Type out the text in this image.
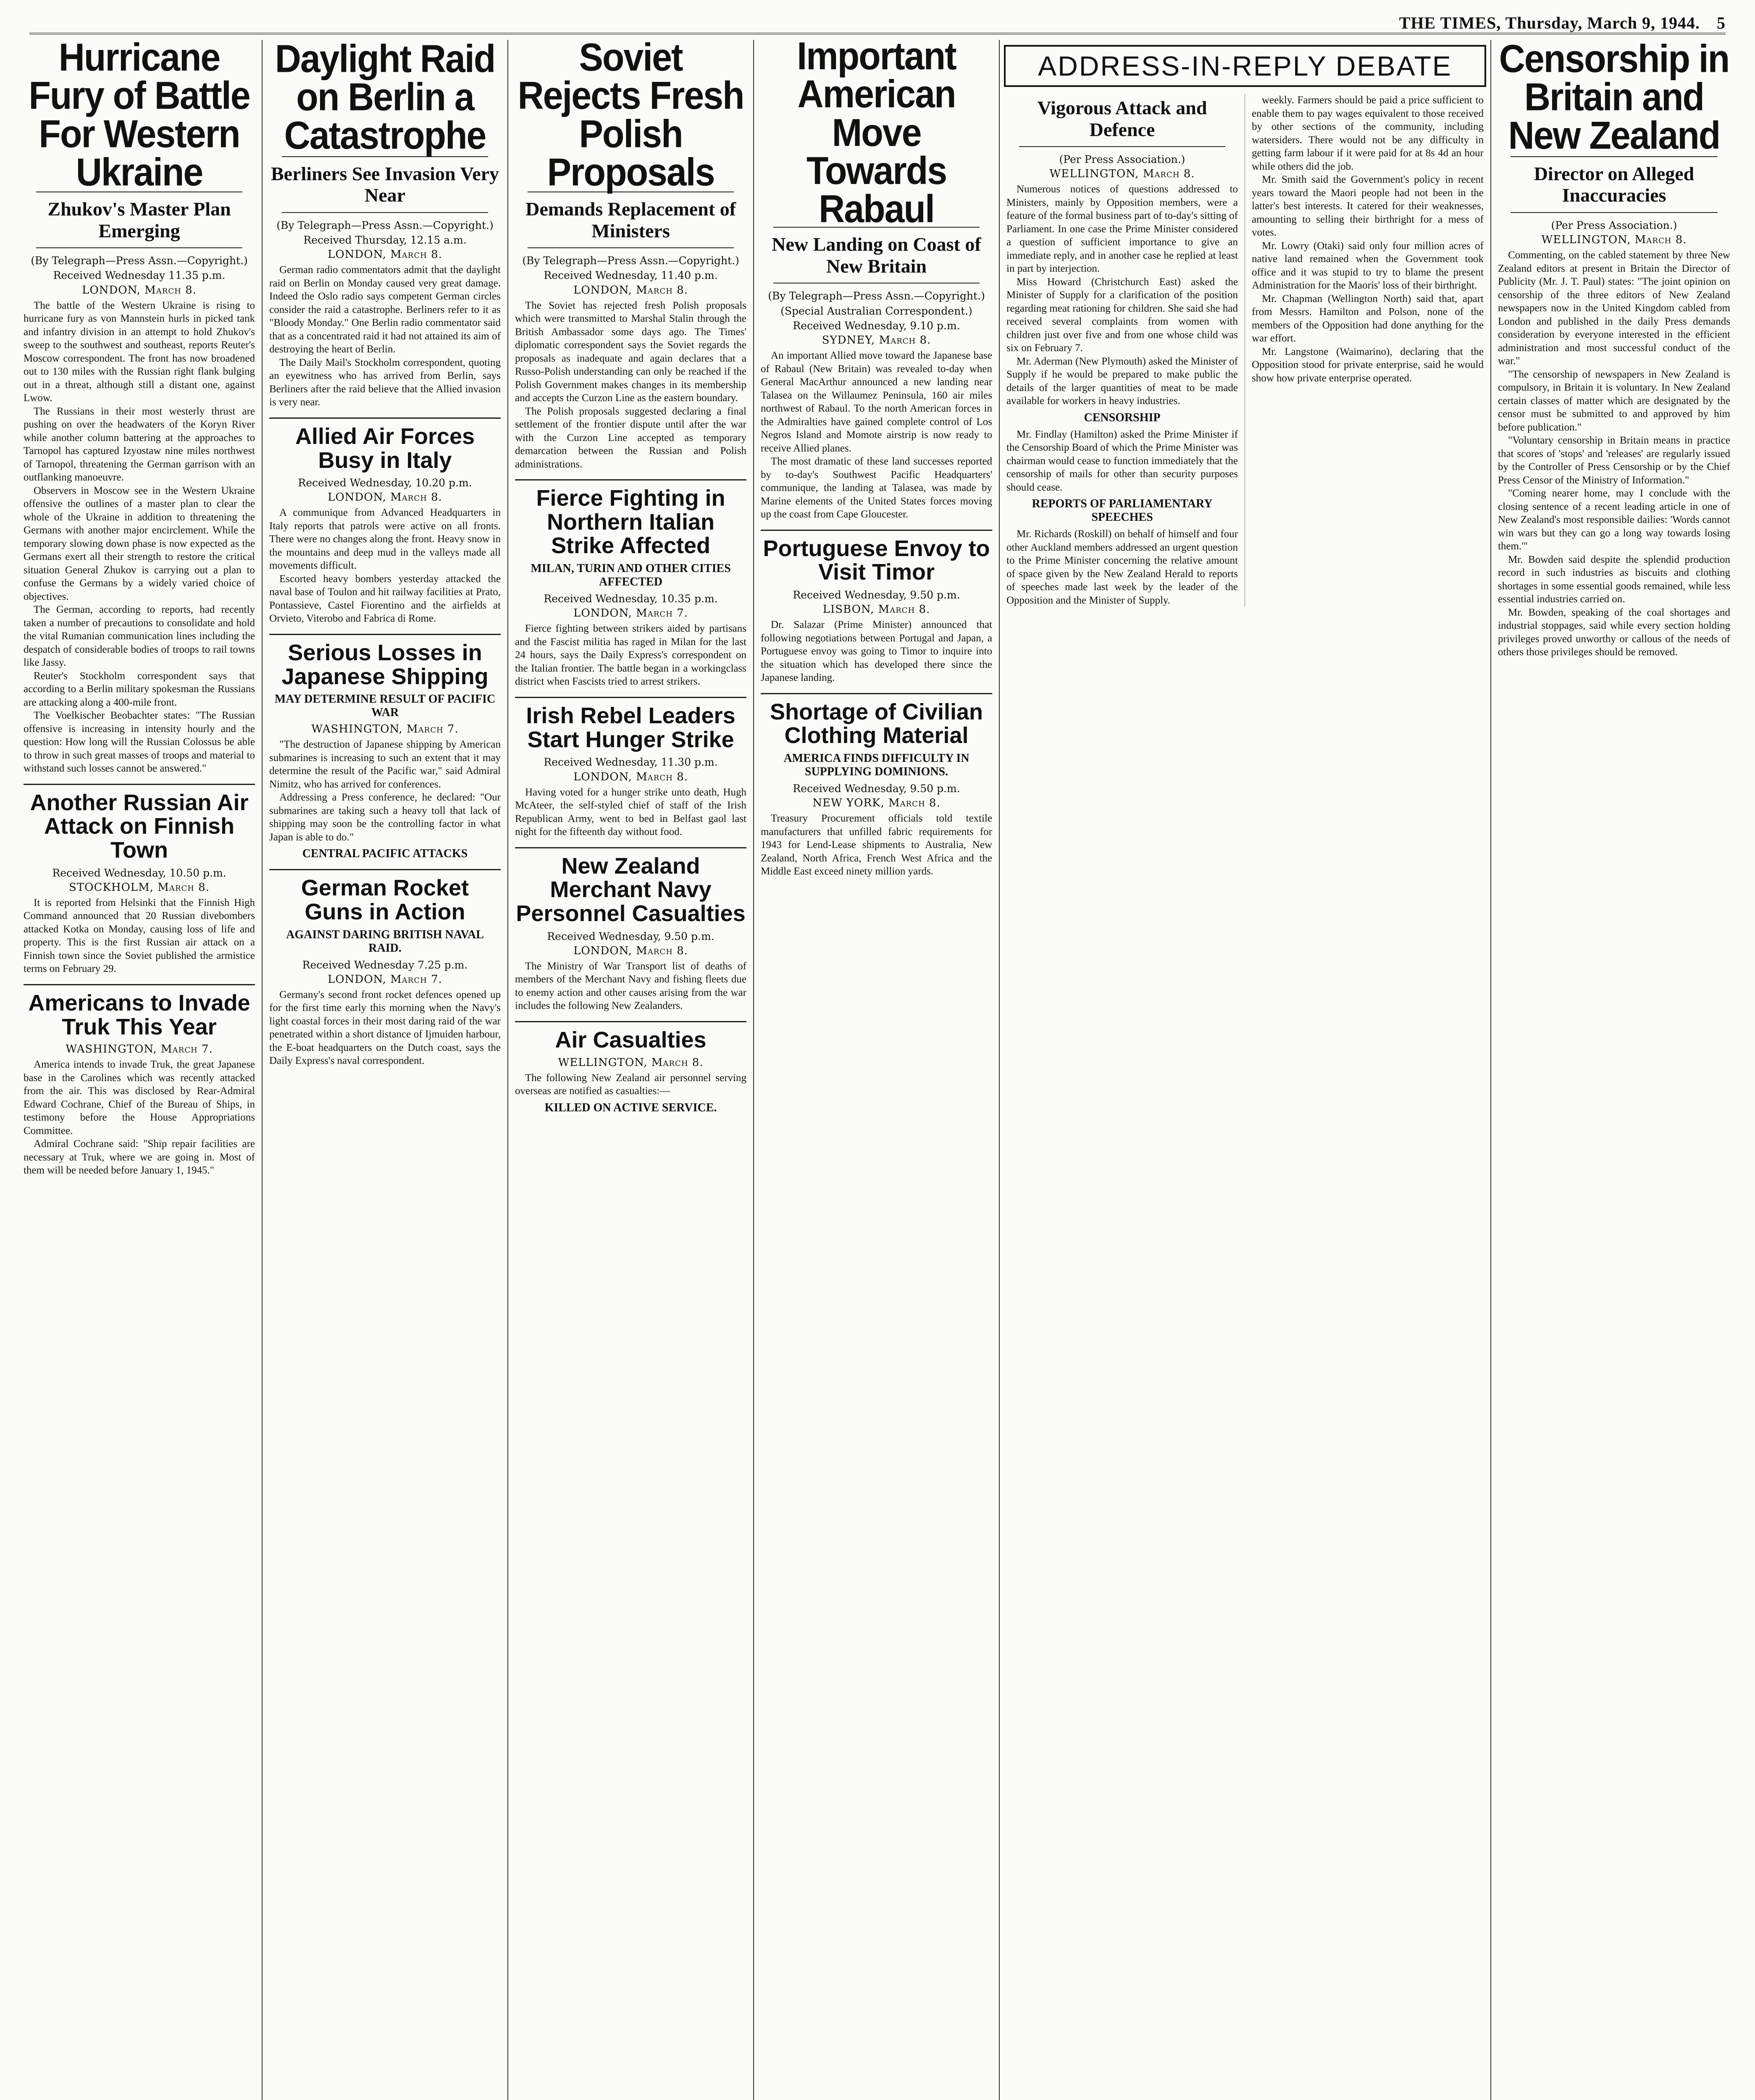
THE TIMES, Thursday, March 9, 1944. 5
Hurricane Fury of Battle For Western Ukraine
Zhukov's Master Plan Emerging
(By Telegraph—Press Assn.—Copyright.)
Received Wednesday 11.35 p.m.
LONDON, March 8.

The battle of the Western Ukraine is rising to hurricane fury as von Mannstein hurls in picked tank and infantry division in an attempt to hold Zhukov's sweep to the southwest and southeast, reports Reuter's Moscow correspondent. The front has now broadened out to 130 miles with the Russian right flank bulging out in a threat, although still a distant one, against Lwow.

The Russians in their most westerly thrust are pushing on over the headwaters of the Koryn River while another column battering at the approaches to Tarnopol has captured Izyostaw nine miles northwest of Tarnopol, threatening the German garrison with an outflanking manoeuvre.

Observers in Moscow see in the Western Ukraine offensive the outlines of a master plan to clear the whole of the Ukraine in addition to threatening the Germans with another major encirclement. While the temporary slowing down phase is now expected as the Germans exert all their strength to restore the critical situation General Zhukov is carrying out a plan to confuse the Germans by a widely varied choice of objectives.

The German, according to reports, had recently taken a number of precautions to consolidate and hold the vital Rumanian communication lines including the despatch of considerable bodies of troops to rail towns like Jassy.

Reuter's Stockholm correspondent says that according to a Berlin military spokesman the Russians are attacking along a 400-mile front.

The Voelkischer Beobachter states: "The Russian offensive is increasing in intensity hourly and the question: How long will the Russian Colossus be able to throw in such great masses of troops and material to withstand such losses cannot be answered."

Another Russian Air Attack on Finnish Town
Received Wednesday, 10.50 p.m.
STOCKHOLM, March 8.

It is reported from Helsinki that the Finnish High Command announced that 20 Russian divebombers attacked Kotka on Monday, causing loss of life and property. This is the first Russian air attack on a Finnish town since the Soviet published the armistice terms on February 29.

Americans to Invade Truk This Year
WASHINGTON, March 7.

America intends to invade Truk, the great Japanese base in the Carolines which was recently attacked from the air. This was disclosed by Rear-Admiral Edward Cochrane, Chief of the Bureau of Ships, in testimony before the House Appropriations Committee.

Admiral Cochrane said: "Ship repair facilities are necessary at Truk, where we are going in. Most of them will be needed before January 1, 1945."

Daylight Raid on Berlin a Catastrophe
Berliners See Invasion Very Near
(By Telegraph—Press Assn.—Copyright.)
Received Thursday, 12.15 a.m.
LONDON, March 8.

German radio commentators admit that the daylight raid on Berlin on Monday caused very great damage. Indeed the Oslo radio says competent German circles consider the raid a catastrophe. Berliners refer to it as "Bloody Monday." One Berlin radio commentator said that as a concentrated raid it had not attained its aim of destroying the heart of Berlin.

The Daily Mail's Stockholm correspondent, quoting an eyewitness who has arrived from Berlin, says Berliners after the raid believe that the Allied invasion is very near.

Allied Air Forces Busy in Italy
Received Wednesday, 10.20 p.m.
LONDON, March 8.

A communique from Advanced Headquarters in Italy reports that patrols were active on all fronts. There were no changes along the front. Heavy snow in the mountains and deep mud in the valleys made all movements difficult.

Escorted heavy bombers yesterday attacked the naval base of Toulon and hit railway facilities at Prato, Pontassieve, Castel Fiorentino and the airfields at Orvieto, Viterobo and Fabrica di Rome.

Serious Losses in Japanese Shipping
MAY DETERMINE RESULT OF PACIFIC WAR
WASHINGTON, March 7.

"The destruction of Japanese shipping by American submarines is increasing to such an extent that it may determine the result of the Pacific war," said Admiral Nimitz, who has arrived for conferences.

Addressing a Press conference, he declared: "Our submarines are taking such a heavy toll that lack of shipping may soon be the controlling factor in what Japan is able to do."

CENTRAL PACIFIC ATTACKS
German Rocket Guns in Action
AGAINST DARING BRITISH NAVAL RAID.
Received Wednesday 7.25 p.m.
LONDON, March 7.

Germany's second front rocket defences opened up for the first time early this morning when the Navy's light coastal forces in their most daring raid of the war penetrated within a short distance of Ijmuiden harbour, the E-boat headquarters on the Dutch coast, says the Daily Express's naval correspondent.

Soviet Rejects Fresh Polish Proposals
Demands Replacement of Ministers
(By Telegraph—Press Assn.—Copyright.)
Received Wednesday, 11.40 p.m.
LONDON, March 8.

The Soviet has rejected fresh Polish proposals which were transmitted to Marshal Stalin through the British Ambassador some days ago. The Times' diplomatic correspondent says the Soviet regards the proposals as inadequate and again declares that a Russo-Polish understanding can only be reached if the Polish Government makes changes in its membership and accepts the Curzon Line as the eastern boundary.

The Polish proposals suggested declaring a final settlement of the frontier dispute until after the war with the Curzon Line accepted as temporary demarcation between the Russian and Polish administrations.

Fierce Fighting in Northern Italian Strike Affected
MILAN, TURIN AND OTHER CITIES AFFECTED
Received Wednesday, 10.35 p.m.
LONDON, March 7.

Fierce fighting between strikers aided by partisans and the Fascist militia has raged in Milan for the last 24 hours, says the Daily Express's correspondent on the Italian frontier. The battle began in a workingclass district when Fascists tried to arrest strikers.

Irish Rebel Leaders Start Hunger Strike
Received Wednesday, 11.30 p.m.
LONDON, March 8.

Having voted for a hunger strike unto death, Hugh McAteer, the self-styled chief of staff of the Irish Republican Army, went to bed in Belfast gaol last night for the fifteenth day without food.

New Zealand Merchant Navy Personnel Casualties
Received Wednesday, 9.50 p.m.
LONDON, March 8.

The Ministry of War Transport list of deaths of members of the Merchant Navy and fishing fleets due to enemy action and other causes arising from the war includes the following New Zealanders.

Air Casualties
WELLINGTON, March 8.

The following New Zealand air personnel serving overseas are notified as casualties:—

KILLED ON ACTIVE SERVICE.
Important American Move Towards Rabaul
New Landing on Coast of New Britain
(By Telegraph—Press Assn.—Copyright.)
(Special Australian Correspondent.)
Received Wednesday, 9.10 p.m.
SYDNEY, March 8.

An important Allied move toward the Japanese base of Rabaul (New Britain) was revealed to-day when General MacArthur announced a new landing near Talasea on the Willaumez Peninsula, 160 air miles northwest of Rabaul. To the north American forces in the Admiralties have gained complete control of Los Negros Island and Momote airstrip is now ready to receive Allied planes.

The most dramatic of these land successes reported by to-day's Southwest Pacific Headquarters' communique, the landing at Talasea, was made by Marine elements of the United States forces moving up the coast from Cape Gloucester.

Portuguese Envoy to Visit Timor
Received Wednesday, 9.50 p.m.
LISBON, March 8.

Dr. Salazar (Prime Minister) announced that following negotiations between Portugal and Japan, a Portuguese envoy was going to Timor to inquire into the situation which has developed there since the Japanese landing.

Shortage of Civilian Clothing Material
AMERICA FINDS DIFFICULTY IN SUPPLYING DOMINIONS.
Received Wednesday, 9.50 p.m.
NEW YORK, March 8.

Treasury Procurement officials told textile manufacturers that unfilled fabric requirements for 1943 for Lend-Lease shipments to Australia, New Zealand, North Africa, French West Africa and the Middle East exceed ninety million yards.

ADDRESS-IN-REPLY DEBATE
Vigorous Attack and Defence
(Per Press Association.)
WELLINGTON, March 8.

Numerous notices of questions addressed to Ministers, mainly by Opposition members, were a feature of the formal business part of to-day's sitting of Parliament. In one case the Prime Minister considered a question of sufficient importance to give an immediate reply, and in another case he replied at least in part by interjection.

Miss Howard (Christchurch East) asked the Minister of Supply for a clarification of the position regarding meat rationing for children. She said she had received several complaints from women with children just over five and from one whose child was six on February 7.

Mr. Aderman (New Plymouth) asked the Minister of Supply if he would be prepared to make public the details of the larger quantities of meat to be made available for workers in heavy industries.

CENSORSHIP

Mr. Findlay (Hamilton) asked the Prime Minister if the Censorship Board of which the Prime Minister was chairman would cease to function immediately that the censorship of mails for other than security purposes should cease.

REPORTS OF PARLIAMENTARY SPEECHES

Mr. Richards (Roskill) on behalf of himself and four other Auckland members addressed an urgent question to the Prime Minister concerning the relative amount of space given by the New Zealand Herald to reports of speeches made last week by the leader of the Opposition and the Minister of Supply.

weekly. Farmers should be paid a price sufficient to enable them to pay wages equivalent to those received by other sections of the community, including watersiders. There would not be any difficulty in getting farm labour if it were paid for at 8s 4d an hour while others did the job.

Mr. Smith said the Government's policy in recent years toward the Maori people had not been in the latter's best interests. It catered for their weaknesses, amounting to selling their birthright for a mess of votes.

Mr. Lowry (Otaki) said only four million acres of native land remained when the Government took office and it was stupid to try to blame the present Administration for the Maoris' loss of their birthright.

Mr. Chapman (Wellington North) said that, apart from Messrs. Hamilton and Polson, none of the members of the Opposition had done anything for the war effort.

Mr. Langstone (Waimarino), declaring that the Opposition stood for private enterprise, said he would show how private enterprise operated.

Censorship in Britain and New Zealand
Director on Alleged Inaccuracies
(Per Press Association.)
WELLINGTON, March 8.

Commenting, on the cabled statement by three New Zealand editors at present in Britain the Director of Publicity (Mr. J. T. Paul) states: "The joint opinion on censorship of the three editors of New Zealand newspapers now in the United Kingdom cabled from London and published in the daily Press demands consideration by everyone interested in the efficient administration and most successful conduct of the war."

"The censorship of newspapers in New Zealand is compulsory, in Britain it is voluntary. In New Zealand certain classes of matter which are designated by the censor must be submitted to and approved by him before publication."

"Voluntary censorship in Britain means in practice that scores of 'stops' and 'releases' are regularly issued by the Controller of Press Censorship or by the Chief Press Censor of the Ministry of Information."

"Coming nearer home, may I conclude with the closing sentence of a recent leading article in one of New Zealand's most responsible dailies: 'Words cannot win wars but they can go a long way towards losing them.'"

Mr. Bowden said despite the splendid production record in such industries as biscuits and clothing shortages in some essential goods remained, while less essential industries carried on.

Mr. Bowden, speaking of the coal shortages and industrial stoppages, said while every section holding privileges proved unworthy or callous of the needs of others those privileges should be removed.
